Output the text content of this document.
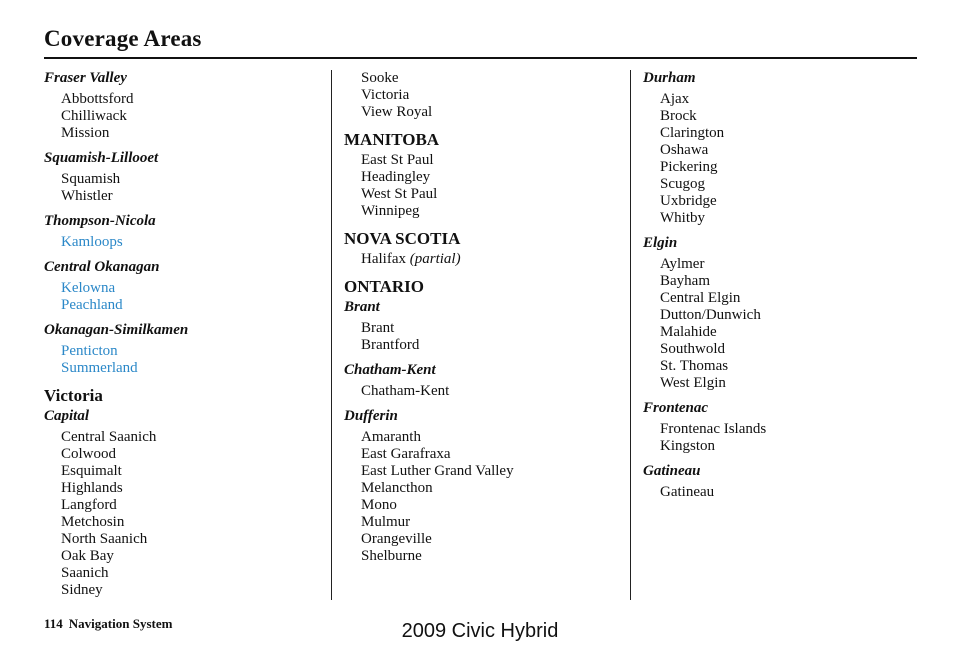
Coverage Areas
Fraser Valley
Abbottsford
Chilliwack
Mission
Squamish-Lillooet
Squamish
Whistler
Thompson-Nicola
Kamloops
Central Okanagan
Kelowna
Peachland
Okanagan-Similkamen
Penticton
Summerland
Victoria
Capital
Central Saanich
Colwood
Esquimalt
Highlands
Langford
Metchosin
North Saanich
Oak Bay
Saanich
Sidney
Sooke
Victoria
View Royal
MANITOBA
East St Paul
Headingley
West St Paul
Winnipeg
NOVA SCOTIA
Halifax (partial)
ONTARIO
Brant
Brant
Brantford
Chatham-Kent
Chatham-Kent
Dufferin
Amaranth
East Garafraxa
East Luther Grand Valley
Melancthon
Mono
Mulmur
Orangeville
Shelburne
Durham
Ajax
Brock
Clarington
Oshawa
Pickering
Scugog
Uxbridge
Whitby
Elgin
Aylmer
Bayham
Central Elgin
Dutton/Dunwich
Malahide
Southwold
St. Thomas
West Elgin
Frontenac
Frontenac Islands
Kingston
Gatineau
Gatineau
114 Navigation System	2009 Civic Hybrid
